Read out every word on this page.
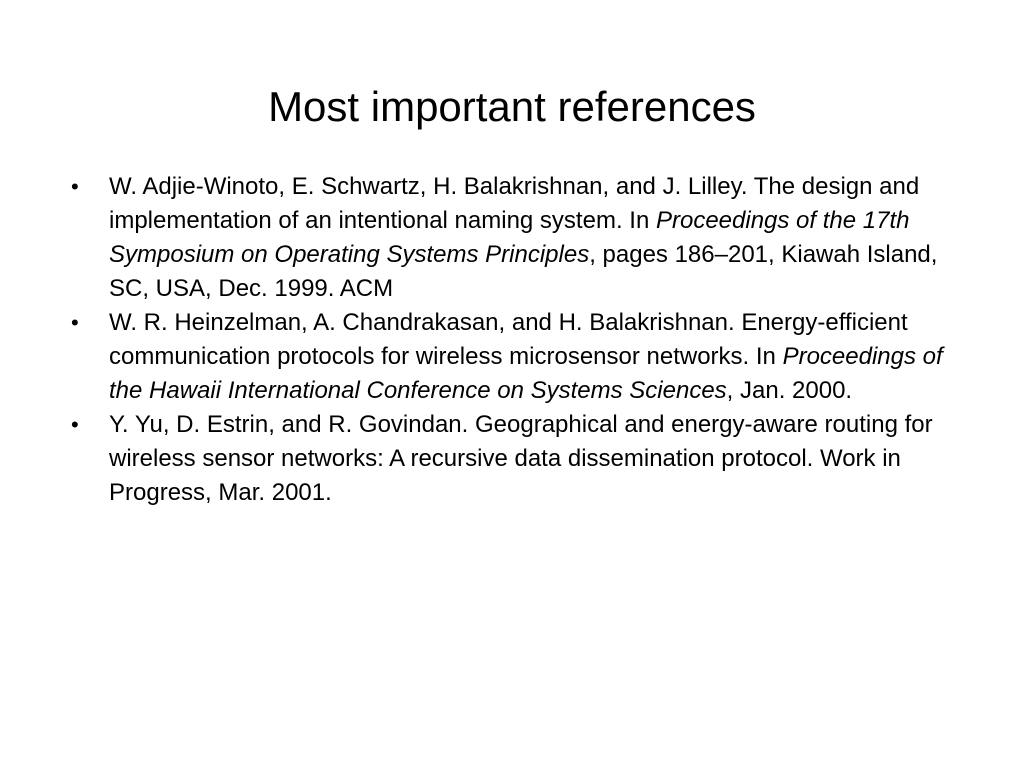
Most important references
• W. Adjie-Winoto, E. Schwartz, H. Balakrishnan, and J. Lilley. The design and implementation of an intentional naming system. In Proceedings of the 17th Symposium on Operating Systems Principles, pages 186–201, Kiawah Island, SC, USA, Dec. 1999. ACM
• W. R. Heinzelman, A. Chandrakasan, and H. Balakrishnan. Energy-efficient communication protocols for wireless microsensor networks. In Proceedings of the Hawaii International Conference on Systems Sciences, Jan. 2000.
• Y. Yu, D. Estrin, and R. Govindan. Geographical and energy-aware routing for wireless sensor networks: A recursive data dissemination protocol. Work in Progress, Mar. 2001.
